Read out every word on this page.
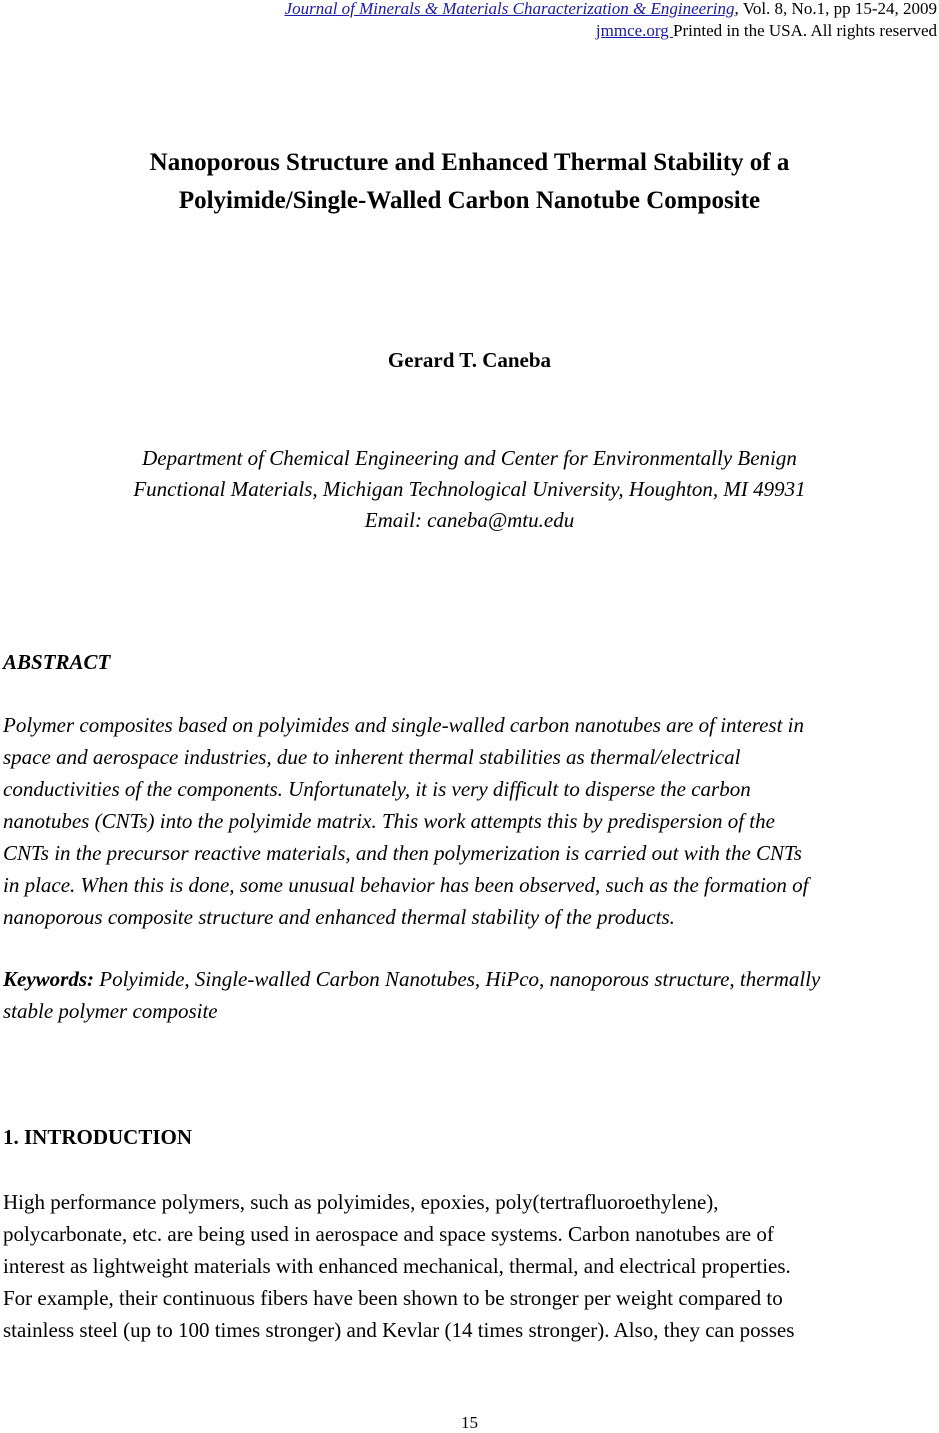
Journal of Minerals & Materials Characterization & Engineering, Vol. 8, No.1, pp 15-24, 2009
jmmce.org Printed in the USA. All rights reserved
Nanoporous Structure and Enhanced Thermal Stability of a
Polyimide/Single-Walled Carbon Nanotube Composite
Gerard T. Caneba
Department of Chemical Engineering and Center for Environmentally Benign
Functional Materials, Michigan Technological University, Houghton, MI 49931
Email: caneba@mtu.edu
ABSTRACT
Polymer composites based on polyimides and single-walled carbon nanotubes are of interest in
space and aerospace industries, due to inherent thermal stabilities as thermal/electrical
conductivities of the components. Unfortunately, it is very difficult to disperse the carbon
nanotubes (CNTs) into the polyimide matrix. This work attempts this by predispersion of the
CNTs in the precursor reactive materials, and then polymerization is carried out with the CNTs
in place. When this is done, some unusual behavior has been observed, such as the formation of
nanoporous composite structure and enhanced thermal stability of the products.
Keywords: Polyimide, Single-walled Carbon Nanotubes, HiPco, nanoporous structure, thermally
stable polymer composite
1. INTRODUCTION
High performance polymers, such as polyimides, epoxies, poly(tertrafluoroethylene),
polycarbonate, etc. are being used in aerospace and space systems. Carbon nanotubes are of
interest as lightweight materials with enhanced mechanical, thermal, and electrical properties.
For example, their continuous fibers have been shown to be stronger per weight compared to
stainless steel (up to 100 times stronger) and Kevlar (14 times stronger). Also, they can posses
15
